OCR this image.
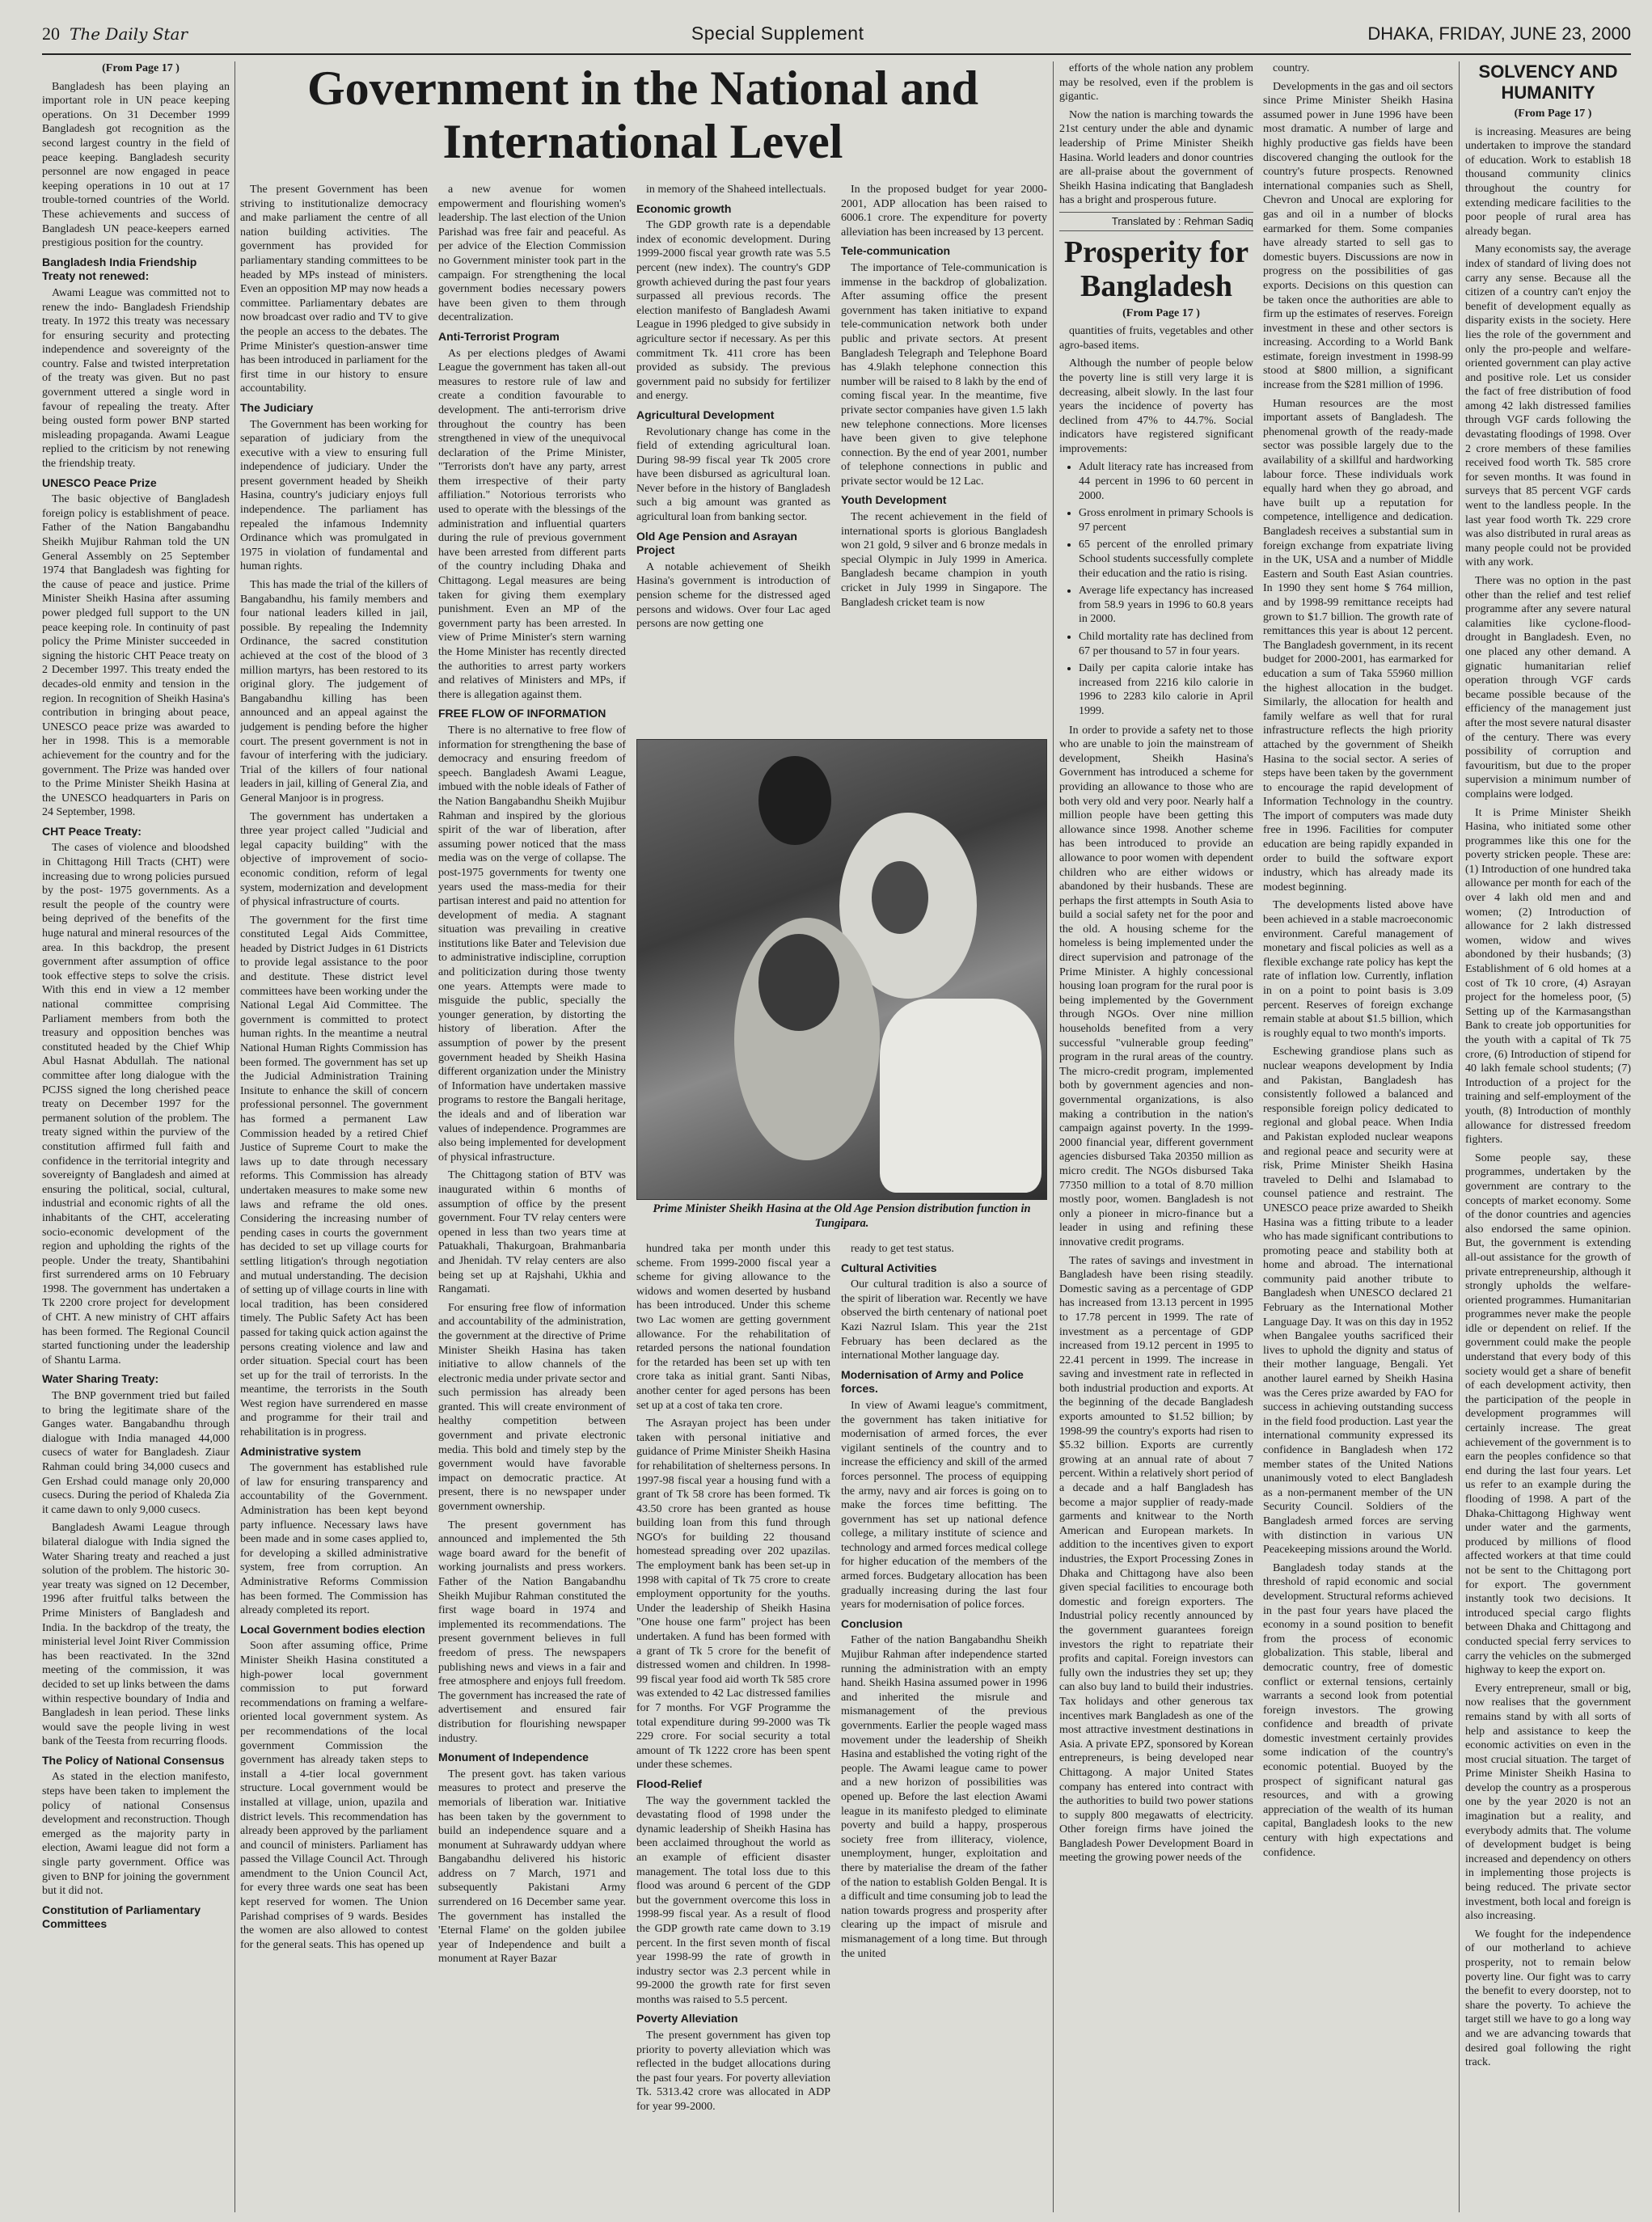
20 The Daily Star	Special Supplement	DHAKA, FRIDAY, JUNE 23, 2000

(From Page 17 )

Bangladesh has been playing an important role in UN peace keeping operations. On 31 December 1999 Bangladesh got recognition as the second largest country in the field of peace keeping. Bangladesh security personnel are now engaged in peace keeping operations in 10 out at 17 trouble-torned countries of the World. These achievements and success of Bangladesh UN peace-keepers earned prestigious position for the country.

Bangladesh India Friendship Treaty not renewed:

Awami League was committed not to renew the indo- Bangladesh Friendship treaty. In 1972 this treaty was necessary for ensuring security and protecting independence and sovereignty of the country. False and twisted interpretation of the treaty was given. But no past government uttered a single word in favour of repealing the treaty. After being ousted form power BNP started misleading propaganda. Awami League replied to the criticism by not renewing the friendship treaty.

UNESCO Peace Prize

The basic objective of Bangladesh foreign policy is establishment of peace. Father of the Nation Bangabandhu Sheikh Mujibur Rahman told the UN General Assembly on 25 September 1974 that Bangladesh was fighting for the cause of peace and justice. Prime Minister Sheikh Hasina after assuming power pledged full support to the UN peace keeping role. In continuity of past policy the Prime Minister succeeded in signing the historic CHT Peace treaty on 2 December 1997. This treaty ended the decades-old enmity and tension in the region. In recognition of Sheikh Hasina's contribution in bringing about peace, UNESCO peace prize was awarded to her in 1998. This is a memorable achievement for the country and for the government. The Prize was handed over to the Prime Minister Sheikh Hasina at the UNESCO headquarters in Paris on 24 September, 1998.

CHT Peace Treaty:

The cases of violence and bloodshed in Chittagong Hill Tracts (CHT) were increasing due to wrong policies pursued by the post- 1975 governments. As a result the people of the country were being deprived of the benefits of the huge natural and mineral resources of the area. In this backdrop, the present government after assumption of office took effective steps to solve the crisis. With this end in view a 12 member national committee comprising Parliament members from both the treasury and opposition benches was constituted headed by the Chief Whip Abul Hasnat Abdullah. The national committee after long dialogue with the PCJSS signed the long cherished peace treaty on December 1997 for the permanent solution of the problem. The treaty signed within the purview of the constitution affirmed full faith and confidence in the territorial integrity and sovereignty of Bangladesh and aimed at ensuring the political, social, cultural, industrial and economic rights of all the inhabitants of the CHT, accelerating socio-economic development of the region and upholding the rights of the people. Under the treaty, Shantibahini first surrendered arms on 10 February 1998. The government has undertaken a Tk 2200 crore project for development of CHT. A new ministry of CHT affairs has been formed. The Regional Council started functioning under the leadership of Shantu Larma.

Water Sharing Treaty:

The BNP government tried but failed to bring the legitimate share of the Ganges water. Bangabandhu through dialogue with India managed 44,000 cusecs of water for Bangladesh. Ziaur Rahman could bring 34,000 cusecs and Gen Ershad could manage only 20,000 cusecs. During the period of Khaleda Zia it came dawn to only 9,000 cusecs.

Bangladesh Awami League through bilateral dialogue with India signed the Water Sharing treaty and reached a just solution of the problem. The historic 30-year treaty was signed on 12 December, 1996 after fruitful talks between the Prime Ministers of Bangladesh and India. In the backdrop of the treaty, the ministerial level Joint River Commission has been reactivated. In the 32nd meeting of the commission, it was decided to set up links between the dams within respective boundary of India and Bangladesh in lean period. These links would save the people living in west bank of the Teesta from recurring floods.

The Policy of National Consensus

As stated in the election manifesto, steps have been taken to implement the policy of national Consensus development and reconstruction. Though emerged as the majority party in election, Awami league did not form a single party government. Office was given to BNP for joining the government but it did not.

Constitution of Parliamentary Committees
Government in the National and International Level

The present Government has been striving to institutionalize democracy and make parliament the centre of all nation building activities. The government has provided for parliamentary standing committees to be headed by MPs instead of ministers. Even an opposition MP may now heads a committee. Parliamentary debates are now broadcast over radio and TV to give the people an access to the debates. The Prime Minister's question-answer time has been introduced in parliament for the first time in our history to ensure accountability.

The Judiciary

The Government has been working for separation of judiciary from the executive with a view to ensuring full independence of judiciary. Under the present government headed by Sheikh Hasina, country's judiciary enjoys full independence. The parliament has repealed the infamous Indemnity Ordinance which was promulgated in 1975 in violation of fundamental and human rights.

This has made the trial of the killers of Bangabandhu, his family members and four national leaders killed in jail, possible. By repealing the Indemnity Ordinance, the sacred constitution achieved at the cost of the blood of 3 million martyrs, has been restored to its original glory. The judgement of Bangabandhu killing has been announced and an appeal against the judgement is pending before the higher court. The present government is not in favour of interfering with the judiciary. Trial of the killers of four national leaders in jail, killing of General Zia, and General Manjoor is in progress.

The government has undertaken a three year project called "Judicial and legal capacity building" with the objective of improvement of socio-economic condition, reform of legal system, modernization and development of physical infrastructure of courts.

The government for the first time constituted Legal Aids Committee, headed by District Judges in 61 Districts to provide legal assistance to the poor and destitute. These district level committees have been working under the National Legal Aid Committee. The government is committed to protect human rights. In the meantime a neutral National Human Rights Commission has been formed. The government has set up the Judicial Administration Training Insitute to enhance the skill of concern professional personnel. The government has formed a permanent Law Commission headed by a retired Chief Justice of Supreme Court to make the laws up to date through necessary reforms. This Commission has already undertaken measures to make some new laws and reframe the old ones. Considering the increasing number of pending cases in courts the government has decided to set up village courts for settling litigation's through negotiation and mutual understanding. The decision of setting up of village courts in line with local tradition, has been considered timely. The Public Safety Act has been passed for taking quick action against the persons creating violence and law and order situation. Special court has been set up for the trail of terrorists. In the meantime, the terrorists in the South West region have surrendered en masse and programme for their trail and rehabilitation is in progress.

Administrative system

The government has established rule of law for ensuring transparency and accountability of the Government. Administration has been kept beyond party influence. Necessary laws have been made and in some cases applied to, for developing a skilled administrative system, free from corruption. An Administrative Reforms Commission has been formed. The Commission has already completed its report.

Local Government bodies election

Soon after assuming office, Prime Minister Sheikh Hasina constituted a high-power local government commission to put forward recommendations on framing a welfare-oriented local government system. As per recommendations of the local government Commission the government has already taken steps to install a 4-tier local government structure. Local government would be installed at village, union, upazila and district levels. This recommendation has already been approved by the parliament and council of ministers. Parliament has passed the Village Council Act. Through amendment to the Union Council Act, for every three wards one seat has been kept reserved for women. The Union Parishad comprises of 9 wards. Besides the women are also allowed to contest for the general seats. This has opened up

a new avenue for women empowerment and flourishing women's leadership. The last election of the Union Parishad was free fair and peaceful. As per advice of the Election Commission no Government minister took part in the campaign. For strengthening the local government bodies necessary powers have been given to them through decentralization.

Anti-Terrorist Program

As per elections pledges of Awami League the government has taken all-out measures to restore rule of law and create a condition favourable to development. The anti-terrorism drive throughout the country has been strengthened in view of the unequivocal declaration of the Prime Minister, "Terrorists don't have any party, arrest them irrespective of their party affiliation." Notorious terrorists who used to operate with the blessings of the administration and influential quarters during the rule of previous government have been arrested from different parts of the country including Dhaka and Chittagong. Legal measures are being taken for giving them exemplary punishment. Even an MP of the government party has been arrested. In view of Prime Minister's stern warning the Home Minister has recently directed the authorities to arrest party workers and relatives of Ministers and MPs, if there is allegation against them.

FREE FLOW OF INFORMATION

There is no alternative to free flow of information for strengthening the base of democracy and ensuring freedom of speech. Bangladesh Awami League, imbued with the noble ideals of Father of the Nation Bangabandhu Sheikh Mujibur Rahman and inspired by the glorious spirit of the war of liberation, after assuming power noticed that the mass media was on the verge of collapse. The post-1975 governments for twenty one years used the mass-media for their partisan interest and paid no attention for development of media. A stagnant situation was prevailing in creative institutions like Bater and Television due to administrative indiscipline, corruption and politicization during those twenty one years. Attempts were made to misguide the public, specially the younger generation, by distorting the history of liberation. After the assumption of power by the present government headed by Sheikh Hasina different organization under the Ministry of Information have undertaken massive programs to restore the Bangali heritage, the ideals and and of liberation war values of independence. Programmes are also being implemented for development of physical infrastructure.

The Chittagong station of BTV was inaugurated within 6 months of assumption of office by the present government. Four TV relay centers were opened in less than two years time at Patuakhali, Thakurgoan, Brahmanbaria and Jhenidah. TV relay centers are also being set up at Rajshahi, Ukhia and Rangamati.

For ensuring free flow of information and accountability of the administration, the government at the directive of Prime Minister Sheikh Hasina has taken initiative to allow channels of the electronic media under private sector and such permission has already been granted. This will create environment of healthy competition between government and private electronic media. This bold and timely step by the government would have favorable impact on democratic practice. At present, there is no newspaper under government ownership.

The present government has announced and implemented the 5th wage board award for the benefit of working journalists and press workers. Father of the Nation Bangabandhu Sheikh Mujibur Rahman constituted the first wage board in 1974 and implemented its recommendations. The present government believes in full freedom of press. The newspapers publishing news and views in a fair and free atmosphere and enjoys full freedom. The government has increased the rate of advertisement and ensured fair distribution for flourishing newspaper industry.

Monument of Independence

The present govt. has taken various measures to protect and preserve the memorials of liberation war. Initiative has been taken by the government to build an independence square and a monument at Suhrawardy uddyan where Bangabandhu delivered his historic address on 7 March, 1971 and subsequently Pakistani Army surrendered on 16 December same year. The government has installed the 'Eternal Flame' on the golden jubilee year of Independence and built a monument at Rayer Bazar

in memory of the Shaheed intellectuals.

Economic growth

The GDP growth rate is a dependable index of economic development. During 1999-2000 fiscal year growth rate was 5.5 percent (new index). The country's GDP growth achieved during the past four years surpassed all previous records. The election manifesto of Bangladesh Awami League in 1996 pledged to give subsidy in agriculture sector if necessary. As per this commitment Tk. 411 crore has been provided as subsidy. The previous government paid no subsidy for fertilizer and energy.

Agricultural Development

Revolutionary change has come in the field of extending agricultural loan. During 98-99 fiscal year Tk 2005 crore have been disbursed as agricultural loan. Never before in the history of Bangladesh such a big amount was granted as agricultural loan from banking sector.

Old Age Pension and Asrayan Project

A notable achievement of Sheikh Hasina's government is introduction of pension scheme for the distressed aged persons and widows. Over four Lac aged persons are now getting one

Prime Minister Sheikh Hasina at the Old Age Pension distribution function in Tungipara.

hundred taka per month under this scheme. From 1999-2000 fiscal year a scheme for giving allowance to the widows and women deserted by husband has been introduced. Under this scheme two Lac women are getting government allowance. For the rehabilitation of retarded persons the national foundation for the retarded has been set up with ten crore taka as initial grant. Santi Nibas, another center for aged persons has been set up at a cost of taka ten crore.

The Asrayan project has been under taken with personal initiative and guidance of Prime Minister Sheikh Hasina for rehabilitation of shelterness persons. In 1997-98 fiscal year a housing fund with a grant of Tk 58 crore has been formed. Tk 43.50 crore has been granted as house building loan from this fund through NGO's for building 22 thousand homestead spreading over 202 upazilas. The employment bank has been set-up in 1998 with capital of Tk 75 crore to create employment opportunity for the youths. Under the leadership of Sheikh Hasina "One house one farm" project has been undertaken. A fund has been formed with a grant of Tk 5 crore for the benefit of distressed women and children. In 1998-99 fiscal year food aid worth Tk 585 crore was extended to 42 Lac distressed families for 7 months. For VGF Programme the total expenditure during 99-2000 was Tk 229 crore. For social security a total amount of Tk 1222 crore has been spent under these schemes.

Flood-Relief

The way the government tackled the devastating flood of 1998 under the dynamic leadership of Sheikh Hasina has been acclaimed throughout the world as an example of efficient disaster management. The total loss due to this flood was around 6 percent of the GDP but the government overcome this loss in 1998-99 fiscal year. As a result of flood the GDP growth rate came down to 3.19 percent. In the first seven month of fiscal year 1998-99 the rate of growth in industry sector was 2.3 percent while in 99-2000 the growth rate for first seven months was raised to 5.5 percent.

Poverty Alleviation

The present government has given top priority to poverty alleviation which was reflected in the budget allocations during the past four years. For poverty alleviation Tk. 5313.42 crore was allocated in ADP for year 99-2000.

In the proposed budget for year 2000-2001, ADP allocation has been raised to 6006.1 crore. The expenditure for poverty alleviation has been increased by 13 percent.

Tele-communication

The importance of Tele-communication is immense in the backdrop of globalization. After assuming office the present government has taken initiative to expand tele-communication network both under public and private sectors. At present Bangladesh Telegraph and Telephone Board has 4.9lakh telephone connection this number will be raised to 8 lakh by the end of coming fiscal year. In the meantime, five private sector companies have given 1.5 lakh new telephone connections. More licenses have been given to give telephone connection. By the end of year 2001, number of telephone connections in public and private sector would be 12 Lac.

Youth Development

The recent achievement in the field of international sports is glorious Bangladesh won 21 gold, 9 silver and 6 bronze medals in special Olympic in July 1999 in America. Bangladesh became champion in youth cricket in July 1999 in Singapore. The Bangladesh cricket team is now

ready to get test status.

Cultural Activities

Our cultural tradition is also a source of the spirit of liberation war. Recently we have observed the birth centenary of national poet Kazi Nazrul Islam. This year the 21st February has been declared as the international Mother language day.

Modernisation of Army and Police forces.

In view of Awami league's commitment, the government has taken initiative for modernisation of armed forces, the ever vigilant sentinels of the country and to increase the efficiency and skill of the armed forces personnel. The process of equipping the army, navy and air forces is going on to make the forces time befitting. The government has set up national defence college, a military institute of science and technology and armed forces medical college for higher education of the members of the armed forces. Budgetary allocation has been gradually increasing during the last four years for modernisation of police forces.

Conclusion

Father of the nation Bangabandhu Sheikh Mujibur Rahman after independence started running the administration with an empty hand. Sheikh Hasina assumed power in 1996 and inherited the misrule and mismanagement of the previous governments. Earlier the people waged mass movement under the leadership of Sheikh Hasina and established the voting right of the people. The Awami league came to power and a new horizon of possibilities was opened up. Before the last election Awami league in its manifesto pledged to eliminate poverty and build a happy, prosperous society free from illiteracy, violence, unemployment, hunger, exploitation and there by materialise the dream of the father of the nation to establish Golden Bengal. It is a difficult and time consuming job to lead the nation towards progress and prosperity after clearing up the impact of misrule and mismanagement of a long time. But through the united

efforts of the whole nation any problem may be resolved, even if the problem is gigantic.

Now the nation is marching towards the 21st century under the able and dynamic leadership of Prime Minister Sheikh Hasina. World leaders and donor countries are all-praise about the government of Sheikh Hasina indicating that Bangladesh has a bright and prosperous future.

Translated by : Rehman Sadiq

Prosperity for Bangladesh

(From Page 17 )

quantities of fruits, vegetables and other agro-based items.

Although the number of people below the poverty line is still very large it is decreasing, albeit slowly. In the last four years the incidence of poverty has declined from 47% to 44.7%. Social indicators have registered significant improvements:

• Adult literacy rate has increased from 44 percent in 1996 to 60 percent in 2000.
• Gross enrolment in primary Schools is 97 percent
• 65 percent of the enrolled primary School students successfully complete their education and the ratio is rising.
• Average life expectancy has increased from 58.9 years in 1996 to 60.8 years in 2000.
• Child mortality rate has declined from 67 per thousand to 57 in four years.
• Daily per capita calorie intake has increased from 2216 kilo calorie in 1996 to 2283 kilo calorie in April 1999.

In order to provide a safety net to those who are unable to join the mainstream of development, Sheikh Hasina's Government has introduced a scheme for providing an allowance to those who are both very old and very poor. Nearly half a million people have been getting this allowance since 1998. Another scheme has been introduced to provide an allowance to poor women with dependent children who are either widows or abandoned by their husbands. These are perhaps the first attempts in South Asia to build a social safety net for the poor and the old. A housing scheme for the homeless is being implemented under the direct supervision and patronage of the Prime Minister. A highly concessional housing loan program for the rural poor is being implemented by the Government through NGOs. Over nine million households benefited from a very successful "vulnerable group feeding" program in the rural areas of the country. The micro-credit program, implemented both by government agencies and non-governmental organizations, is also making a contribution in the nation's campaign against poverty. In the 1999-2000 financial year, different government agencies disbursed Taka 20350 million as micro credit. The NGOs disbursed Taka 77350 million to a total of 8.70 million mostly poor, women. Bangladesh is not only a pioneer in micro-finance but a leader in using and refining these innovative credit programs.

The rates of savings and investment in Bangladesh have been rising steadily. Domestic saving as a percentage of GDP has increased from 13.13 percent in 1995 to 17.78 percent in 1999. The rate of investment as a percentage of GDP increased from 19.12 percent in 1995 to 22.41 percent in 1999. The increase in saving and investment rate in reflected in both industrial production and exports. At the beginning of the decade Bangladesh exports amounted to $1.52 billion; by 1998-99 the country's exports had risen to $5.32 billion. Exports are currently growing at an annual rate of about 7 percent. Within a relatively short period of a decade and a half Bangladesh has become a major supplier of ready-made garments and knitwear to the North American and European markets. In addition to the incentives given to export industries, the Export Processing Zones in Dhaka and Chittagong have also been given special facilities to encourage both domestic and foreign exporters. The Industrial policy recently announced by the government guarantees foreign investors the right to repatriate their profits and capital. Foreign investors can fully own the industries they set up; they can also buy land to build their industries. Tax holidays and other generous tax incentives mark Bangladesh as one of the most attractive investment destinations in Asia. A private EPZ, sponsored by Korean entrepreneurs, is being developed near Chittagong. A major United States company has entered into contract with the authorities to build two power stations to supply 800 megawatts of electricity. Other foreign firms have joined the Bangladesh Power Development Board in meeting the growing power needs of the

country.

Developments in the gas and oil sectors since Prime Minister Sheikh Hasina assumed power in June 1996 have been most dramatic. A number of large and highly productive gas fields have been discovered changing the outlook for the country's future prospects. Renowned international companies such as Shell, Chevron and Unocal are exploring for gas and oil in a number of blocks earmarked for them. Some companies have already started to sell gas to domestic buyers. Discussions are now in progress on the possibilities of gas exports. Decisions on this question can be taken once the authorities are able to firm up the estimates of reserves. Foreign investment in these and other sectors is increasing. According to a World Bank estimate, foreign investment in 1998-99 stood at $800 million, a significant increase from the $281 million of 1996.

Human resources are the most important assets of Bangladesh. The phenomenal growth of the ready-made sector was possible largely due to the availability of a skillful and hardworking labour force. These individuals work equally hard when they go abroad, and have built up a reputation for competence, intelligence and dedication. Bangladesh receives a substantial sum in foreign exchange from expatriate living in the UK, USA and a number of Middle Eastern and South East Asian countries. In 1990 they sent home $ 764 million, and by 1998-99 remittance receipts had grown to $1.7 billion. The growth rate of remittances this year is about 12 percent. The Bangladesh government, in its recent budget for 2000-2001, has earmarked for education a sum of Taka 55960 million the highest allocation in the budget. Similarly, the allocation for health and family welfare as well that for rural infrastructure reflects the high priority attached by the government of Sheikh Hasina to the social sector. A series of steps have been taken by the government to encourage the rapid development of Information Technology in the country. The import of computers was made duty free in 1996. Facilities for computer education are being rapidly expanded in order to build the software export industry, which has already made its modest beginning.

The developments listed above have been achieved in a stable macroeconomic environment. Careful management of monetary and fiscal policies as well as a flexible exchange rate policy has kept the rate of inflation low. Currently, inflation in on a point to point basis is 3.09 percent. Reserves of foreign exchange remain stable at about $1.5 billion, which is roughly equal to two month's imports.

Eschewing grandiose plans such as nuclear weapons development by India and Pakistan, Bangladesh has consistently followed a balanced and responsible foreign policy dedicated to regional and global peace. When India and Pakistan exploded nuclear weapons and regional peace and security were at risk, Prime Minister Sheikh Hasina traveled to Delhi and Islamabad to counsel patience and restraint. The UNESCO peace prize awarded to Sheikh Hasina was a fitting tribute to a leader who has made significant contributions to promoting peace and stability both at home and abroad. The international community paid another tribute to Bangladesh when UNESCO declared 21 February as the International Mother Language Day. It was on this day in 1952 when Bangalee youths sacrificed their lives to uphold the dignity and status of their mother language, Bengali. Yet another laurel earned by Sheikh Hasina was the Ceres prize awarded by FAO for success in achieving outstanding success in the field food production. Last year the international community expressed its confidence in Bangladesh when 172 member states of the United Nations unanimously voted to elect Bangladesh as a non-permanent member of the UN Security Council. Soldiers of the Bangladesh armed forces are serving with distinction in various UN Peacekeeping missions around the World.

Bangladesh today stands at the threshold of rapid economic and social development. Structural reforms achieved in the past four years have placed the economy in a sound position to benefit from the process of economic globalization. This stable, liberal and democratic country, free of domestic conflict or external tensions, certainly warrants a second look from potential foreign investors. The growing confidence and breadth of private domestic investment certainly provides some indication of the country's economic potential. Buoyed by the prospect of significant natural gas resources, and with a growing appreciation of the wealth of its human capital, Bangladesh looks to the new century with high expectations and confidence.

SOLVENCY AND HUMANITY

(From Page 17 )

is increasing. Measures are being undertaken to improve the standard of education. Work to establish 18 thousand community clinics throughout the country for extending medicare facilities to the poor people of rural area has already began.

Many economists say, the average index of standard of living does not carry any sense. Because all the citizen of a country can't enjoy the benefit of development equally as disparity exists in the society. Here lies the role of the government and only the pro-people and welfare- oriented government can play active and positive role. Let us consider the fact of free distribution of food among 42 lakh distressed families through VGF cards following the devastating floodings of 1998. Over 2 crore members of these families received food worth Tk. 585 crore for seven months. It was found in surveys that 85 percent VGF cards went to the landless people. In the last year food worth Tk. 229 crore was also distributed in rural areas as many people could not be provided with any work.

There was no option in the past other than the relief and test relief programme after any severe natural calamities like cyclone-flood-drought in Bangladesh. Even, no one placed any other demand. A gignatic humanitarian relief operation through VGF cards became possible because of the efficiency of the management just after the most severe natural disaster of the century. There was every possibility of corruption and favouritism, but due to the proper supervision a minimum number of complains were lodged.

It is Prime Minister Sheikh Hasina, who initiated some other programmes like this one for the poverty stricken people. These are: (1) Introduction of one hundred taka allowance per month for each of the over 4 lakh old men and and women; (2) Introduction of allowance for 2 lakh distressed women, widow and wives abondoned by their husbands; (3) Establishment of 6 old homes at a cost of Tk 10 crore, (4) Asrayan project for the homeless poor, (5) Setting up of the Karmasangsthan Bank to create job opportunities for the youth with a capital of Tk 75 crore, (6) Introduction of stipend for 40 lakh female school students; (7) Introduction of a project for the training and self-employment of the youth, (8) Introduction of monthly allowance for distressed freedom fighters.

Some people say, these programmes, undertaken by the government are contrary to the concepts of market economy. Some of the donor countries and agencies also endorsed the same opinion. But, the government is extending all-out assistance for the growth of private entrepreneurship, although it strongly upholds the welfare-oriented programmes. Humanitarian programmes never make the people idle or dependent on relief. If the government could make the people understand that every body of this society would get a share of benefit of each development activity, then the participation of the people in development programmes will certainly increase. The great achievement of the government is to earn the peoples confidence so that end during the last four years. Let us refer to an example during the flooding of 1998. A part of the Dhaka-Chittagong Highway went under water and the garments, produced by millions of flood affected workers at that time could not be sent to the Chittagong port for export. The government instantly took two decisions. It introduced special cargo flights between Dhaka and Chittagong and conducted special ferry services to carry the vehicles on the submerged highway to keep the export on.

Every entrepreneur, small or big, now realises that the government remains stand by with all sorts of help and assistance to keep the economic activities on even in the most crucial situation. The target of Prime Minister Sheikh Hasina to develop the country as a prosperous one by the year 2020 is not an imagination but a reality, and everybody admits that. The volume of development budget is being increased and dependency on others in implementing those projects is being reduced. The private sector investment, both local and foreign is also increasing.

We fought for the independence of our motherland to achieve prosperity, not to remain below poverty line. Our fight was to carry the benefit to every doorstep, not to share the poverty. To achieve the target still we have to go a long way and we are advancing towards that desired goal following the right track.
